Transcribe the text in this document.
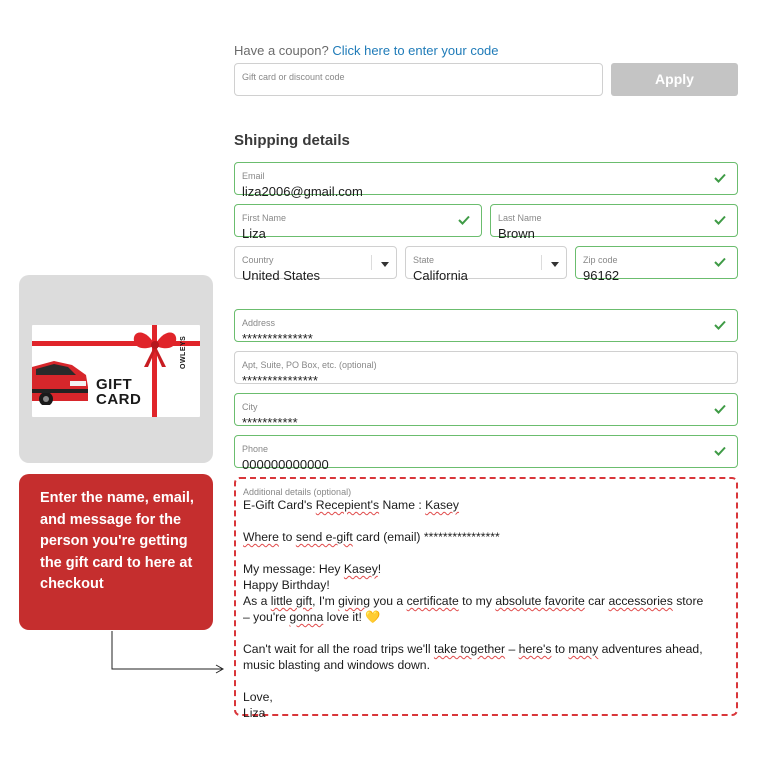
Have a coupon? Click here to enter your code
Gift card or discount code	Apply
Shipping details
Email
liza2006@gmail.com
First Name
Liza
Last Name
Brown
Country
United States
State
California
Zip code
96162
Address
**************
Apt, Suite, PO Box, etc. (optional)
***************
City
***********
Phone
000000000000
Additional details (optional)
E-Gift Card's Recepient's Name : Kasey
Where to send e-gift card (email) ****************
My message: Hey Kasey!
Happy Birthday!
As a little gift, I'm giving you a certificate to my absolute favorite car accessories store
– you're gonna love it! 💛
Can't wait for all the road trips we'll take together – here's to many adventures ahead,
music blasting and windows down.
Love,
Liza
GIFT
CARD
OWLEYS

Enter the name, email, and message for the person you're getting the gift card to here at checkout
